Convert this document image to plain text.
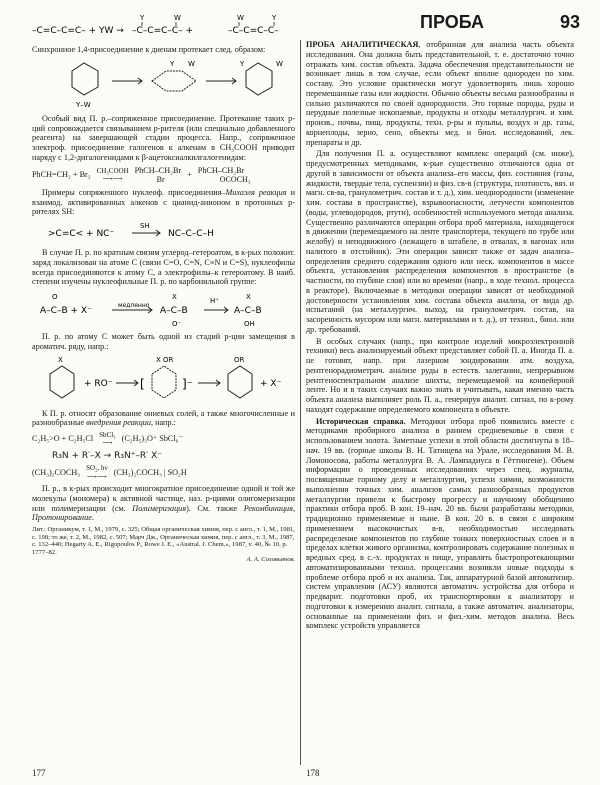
ПРОБА	93
–C=C–C=C– + YW →
Y	W
–C–C=C–C– +
W	Y
–C–C=C–C–

Синхронное 1,4-присоединение к диенам протекает след. образом:

Y–W
Y W	Y	W

Особый вид П. р.–сопряженное присоединение. Протекание таких р-ций сопровождается связыванием р-рителя (или специально добавленного реагента) на завершающей стадии процесса. Напр., сопряженное электроф. присоединение галогенов к алкенам в CH₃COOH приводит наряду с 1,2-дигалогенидами к β-ацетоксиалкилгалогенидам:

PhCH=CH₂ + Br₂ CH₃COOH
⟶⟶
PhCH–CH₂Br
Br
+
PhCH–CH₂Br
OCOCH₃

Примеры сопряженного нуклеоф. присоединения–Михаэля реакция и взаимод. активированных алкенов с цианид-анионом в протонных р-рителях SH:

>C=C< + NC⁻
SH
NC–C–C–H

В случае П. р. по кратным связям углерод–гетероатом, в к-рых положит. заряд локализован на атоме C (связи C=O, C=N, C≡N и C=S), нуклеофилы всегда присоединяются к атому C, а электрофилы–к гетероатому. В наиб. степени изучены нуклеофильные П. р. по карбонильной группе:

A–C–B + X⁻
O
медленно
A–C–B
X
O⁻
H⁺
A–C–B
X
OH

П. р. по атому C может быть одной из стадий р-ции замещения в ароматич. ряду, напр.:

X
+ RO⁻ [
X OR
]⁻
OR
+ X⁻

К П. р. относят образование ониевых солей, а также многочисленные и разнообразные внедрения реакции, напр.:

C₂H₅>O + C₂H₅Cl SbCl₅
⟶ (C₂H₅)₃O⁺ SbCl₆⁻
R₃N + R′–X → R₃N⁺–R′ X⁻
(CH₃)₂COCH₃ SO₂, hν
⟶⟶ (CH₃)₂COCH₃ | SO₂H

П. р., в к-рых происходит многократное присоединение одной и той же молекулы (мономера) к активной частице, наз. р-циями олигомеризации или полимеризации (см. Полимеризация). См. также Рекомбинация, Протонирование.

Лит.: Органикум, т. 1, М., 1979, с. 325; Общая органическая химия, пер. с англ., т. 1, М., 1981, с. 198; то же, т. 2, М., 1982, с. 507; Марч Дж., Органическая химия, пер. с англ., т. 3, М., 1987, с. 132–440; Hegarty A. E., Rigopoulos P., Rowe J. E., «Austral. J. Chem.», 1987, v. 40, № 10, p. 1777–82.
А. А. Соловьянов.

ПРОБА АНАЛИТИЧЕСКАЯ, отобранная для анализа часть объекта исследования. Она должна быть представительной, т. е. достаточно точно отражать хим. состав объекта. Задача обеспечения представительности не возникает лишь в том случае, если объект вполне однороден по хим. составу. Это условие практически могут удовлетворять лишь хорошо перемешанные газы или жидкости. Обычно объекты весьма разнообразны и сильно различаются по своей однородности. Это горные породы, руды и нерудные полезные ископаемые, продукты и отходы металлургич. и хим. произв., почвы, пищ. продукты, техн. р-ры и пульпы, воздух и др. газы, корнеплоды, зерно, сено, объекты мед. и биол. исследований, лек. препараты и др.

Для получения П. а. осуществляют комплекс операций (см. ниже), предусмотренных методиками, к-рые существенно отличаются одна от другой в зависимости от объекта анализа–его массы, физ. состояния (газы, жидкости, твердые тела, суспензии) и физ. св-в (структура, плотность, вяз. и магн. св-ва, гранулометрич. состав и т. д.), хим. неоднородности (изменение хим. состава в пространстве), взрывоопасности, летучести компонентов (воды, углеводородов, ртути), особенностей используемого метода анализа. Существенно различаются операции отбора проб материала, находящегося в движении (перемещаемого на ленте транспортера, текущего по трубе или желобу) и неподвижного (лежащего в штабеле, в отвалах, в вагонах или налитого в отстойник). Эти операции зависят также от задач анализа–определения среднего содержания одного или неск. компонентов в массе объекта, установления распределения компонентов в пространстве (в частности, по глубине слоя) или во времени (напр., в ходе технол. процесса в реакторе). Включаемые в методики операции зависят от необходимой достоверности установления хим. состава объекта анализа, от вида др. испытаний (на металлургич. выход, на гранулометрич. состав, на засоренность мусором или магн. материалами и т. д.), от технол., биол. или др. требований.

В особых случаях (напр., при контроле изделий микроэлектронной техники) весь анализируемый объект представляет собой П. а. Иногда П. а. не готовят, напр. при лазерном зондировании атм. воздуха, рентгенорадиометрич. анализе руды в естеств. залегании, непрерывном рентгеноспектральном анализе шихты, перемещаемой на конвейерной ленте. Но и в таких случаях важно знать и учитывать, какая именно часть объекта анализа выполняет роль П. а., генерируя аналит. сигнал, по к-рому находят содержание определяемого компонента в объекте.

Историческая справка. Методики отбора проб появились вместе с методиками пробирного анализа в раннем средневековье в связи с использованием золота. Заметные успехи в этой области достигнуты в 18–нач. 19 вв. (горные школы В. Н. Татищева на Урале, исследования М. В. Ломоносова, работы металлурга В. А. Лампадиуса в Гёттингене). Объем информации о проведенных исследованиях через спец. журналы, посвященные горному делу и металлургии, успехи химии, возможности выполнения точных хим. анализов самых разнообразных продуктов металлургии привели к быстрому прогрессу и научному обобщению практики отбора проб. В кон. 19–нач. 20 вв. были разработаны методики, традиционно применяемые и ныне. В кон. 20 в. в связи с широким применением высокочистых в-в, необходимостью исследовать распределение компонентов по глубине тонких поверхностных слоев и в пределах клетки живого организма, контролировать содержание полезных и вредных сред. в с.-х. продуктах и пище, управлять быстропротекающими автоматизированными технол. процессами возникли новые подходы к проблеме отбора проб и их анализа. Так, аппаратурной базой автоматизир. систем управления (АСУ) являются автоматич. устройства для отбора и предварит. подготовки проб, их транспортировки к анализатору и подготовки к измерению аналит. сигнала, а также автоматич. анализаторы, основанные на применении физ. и физ.-хим. методов анализа. Весь комплекс устройств управляется

177	178
